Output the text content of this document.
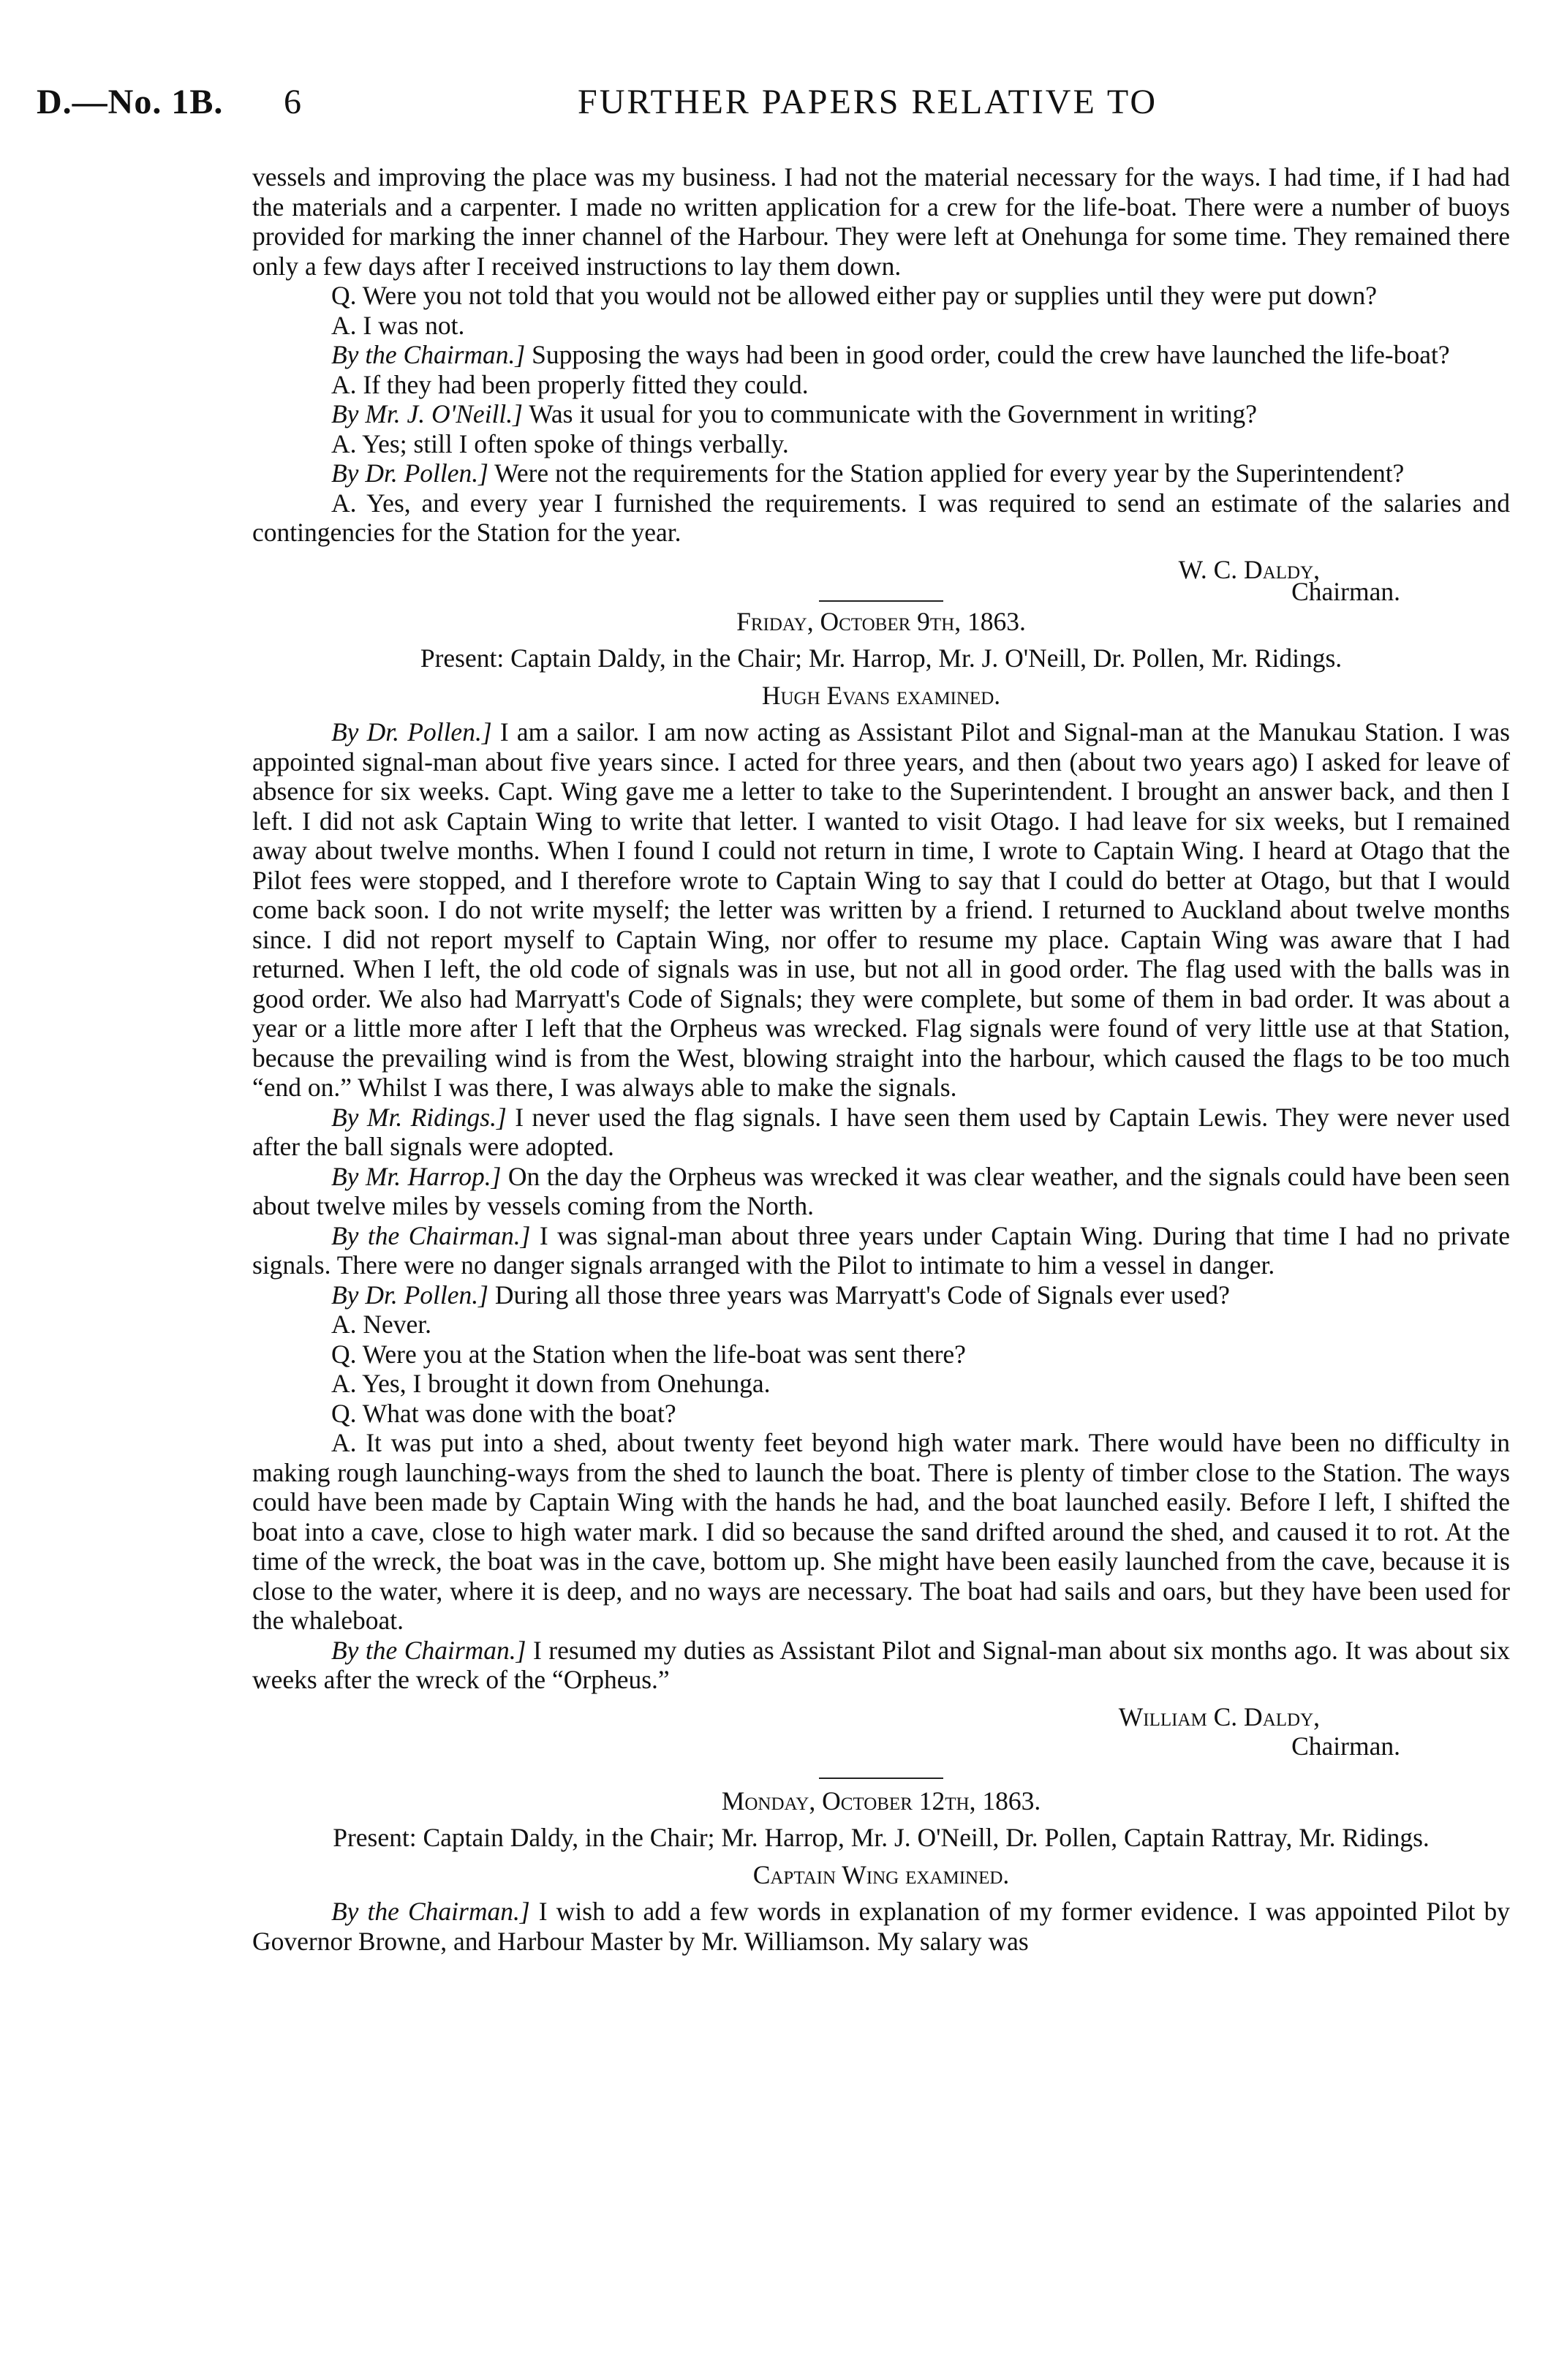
D.—No. 1B. 6	FURTHER PAPERS RELATIVE TO

vessels and improving the place was my business. I had not the material necessary for the ways. I had time, if I had had the materials and a carpenter. I made no written application for a crew for the life-boat. There were a number of buoys provided for marking the inner channel of the Harbour. They were left at Onehunga for some time. They remained there only a few days after I received instructions to lay them down.

Q. Were you not told that you would not be allowed either pay or supplies until they were put down?

A. I was not.

By the Chairman.] Supposing the ways had been in good order, could the crew have launched the life-boat?

A. If they had been properly fitted they could.

By Mr. J. O'Neill.] Was it usual for you to communicate with the Government in writing?

A. Yes; still I often spoke of things verbally.

By Dr. Pollen.] Were not the requirements for the Station applied for every year by the Superintendent?

A. Yes, and every year I furnished the requirements. I was required to send an estimate of the salaries and contingencies for the Station for the year.

W. C. Daldy,

Chairman.

Friday, October 9th, 1863.

Present: Captain Daldy, in the Chair; Mr. Harrop, Mr. J. O'Neill, Dr. Pollen, Mr. Ridings.

Hugh Evans examined.

By Dr. Pollen.] I am a sailor. I am now acting as Assistant Pilot and Signal-man at the Manukau Station. I was appointed signal-man about five years since. I acted for three years, and then (about two years ago) I asked for leave of absence for six weeks. Capt. Wing gave me a letter to take to the Superintendent. I brought an answer back, and then I left. I did not ask Captain Wing to write that letter. I wanted to visit Otago. I had leave for six weeks, but I remained away about twelve months. When I found I could not return in time, I wrote to Captain Wing. I heard at Otago that the Pilot fees were stopped, and I therefore wrote to Captain Wing to say that I could do better at Otago, but that I would come back soon. I do not write myself; the letter was written by a friend. I returned to Auckland about twelve months since. I did not report myself to Captain Wing, nor offer to resume my place. Captain Wing was aware that I had returned. When I left, the old code of signals was in use, but not all in good order. The flag used with the balls was in good order. We also had Marryatt's Code of Signals; they were complete, but some of them in bad order. It was about a year or a little more after I left that the Orpheus was wrecked. Flag signals were found of very little use at that Station, because the prevailing wind is from the West, blowing straight into the harbour, which caused the flags to be too much “end on.” Whilst I was there, I was always able to make the signals.

By Mr. Ridings.] I never used the flag signals. I have seen them used by Captain Lewis. They were never used after the ball signals were adopted.

By Mr. Harrop.] On the day the Orpheus was wrecked it was clear weather, and the signals could have been seen about twelve miles by vessels coming from the North.

By the Chairman.] I was signal-man about three years under Captain Wing. During that time I had no private signals. There were no danger signals arranged with the Pilot to intimate to him a vessel in danger.

By Dr. Pollen.] During all those three years was Marryatt's Code of Signals ever used?

A. Never.

Q. Were you at the Station when the life-boat was sent there?

A. Yes, I brought it down from Onehunga.

Q. What was done with the boat?

A. It was put into a shed, about twenty feet beyond high water mark. There would have been no difficulty in making rough launching-ways from the shed to launch the boat. There is plenty of timber close to the Station. The ways could have been made by Captain Wing with the hands he had, and the boat launched easily. Before I left, I shifted the boat into a cave, close to high water mark. I did so because the sand drifted around the shed, and caused it to rot. At the time of the wreck, the boat was in the cave, bottom up. She might have been easily launched from the cave, because it is close to the water, where it is deep, and no ways are necessary. The boat had sails and oars, but they have been used for the whaleboat.

By the Chairman.] I resumed my duties as Assistant Pilot and Signal-man about six months ago. It was about six weeks after the wreck of the “Orpheus.”

William C. Daldy,

Chairman.

Monday, October 12th, 1863.

Present: Captain Daldy, in the Chair; Mr. Harrop, Mr. J. O'Neill, Dr. Pollen, Captain Rattray, Mr. Ridings.

Captain Wing examined.

By the Chairman.] I wish to add a few words in explanation of my former evidence. I was appointed Pilot by Governor Browne, and Harbour Master by Mr. Williamson. My salary was
